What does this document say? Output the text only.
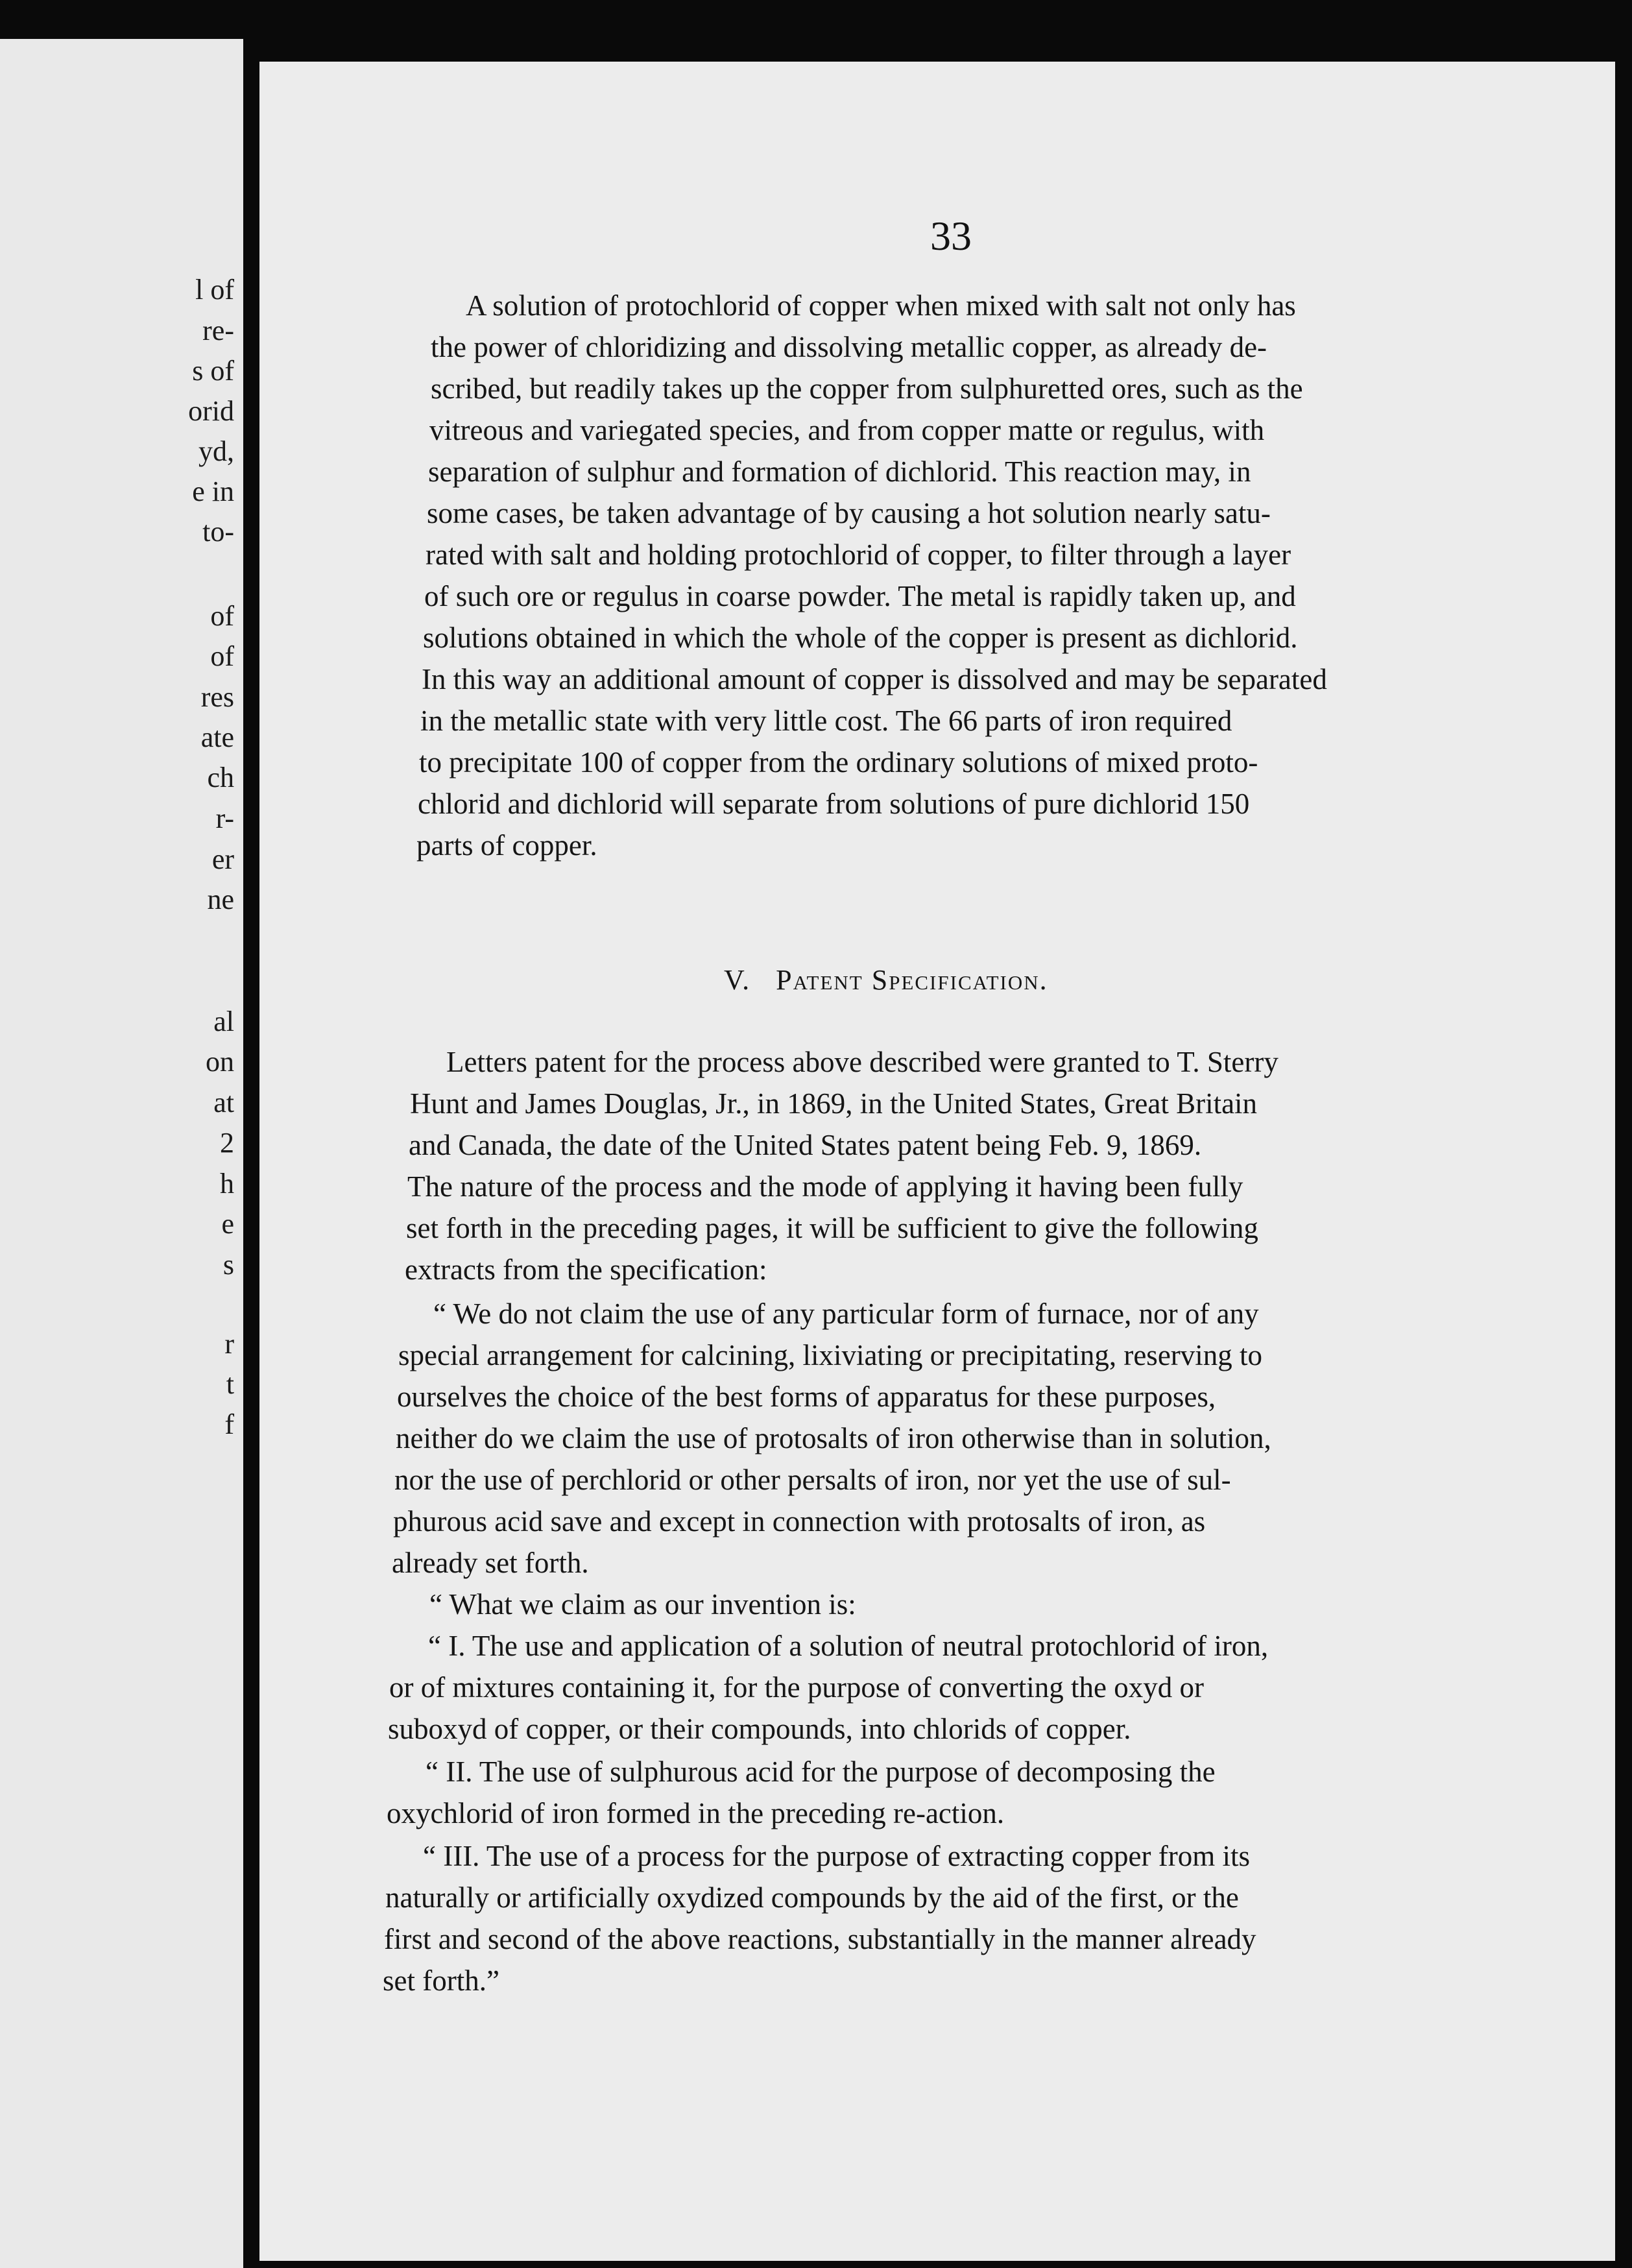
l of
re-
s of
orid
yd,
e in
to-
of
of
res
ate
ch
r-
er
ne
al
on
at
2
h
e
s
r
t
f
33
A solution of protochlorid of copper when mixed with salt not only has
the power of chloridizing and dissolving metallic copper, as already de-
scribed, but readily takes up the copper from sulphuretted ores, such as the
vitreous and variegated species, and from copper matte or regulus, with
separation of sulphur and formation of dichlorid. This reaction may, in
some cases, be taken advantage of by causing a hot solution nearly satu-
rated with salt and holding protochlorid of copper, to filter through a layer
of such ore or regulus in coarse powder. The metal is rapidly taken up, and
solutions obtained in which the whole of the copper is present as dichlorid.
In this way an additional amount of copper is dissolved and may be separated
in the metallic state with very little cost. The 66 parts of iron required
to precipitate 100 of copper from the ordinary solutions of mixed proto-
chlorid and dichlorid will separate from solutions of pure dichlorid 150
parts of copper.
V. Patent Specification.
Letters patent for the process above described were granted to T. Sterry
Hunt and James Douglas, Jr., in 1869, in the United States, Great Britain
and Canada, the date of the United States patent being Feb. 9, 1869.
The nature of the process and the mode of applying it having been fully
set forth in the preceding pages, it will be sufficient to give the following
extracts from the specification:
“ We do not claim the use of any particular form of furnace, nor of any
special arrangement for calcining, lixiviating or precipitating, reserving to
ourselves the choice of the best forms of apparatus for these purposes,
neither do we claim the use of protosalts of iron otherwise than in solution,
nor the use of perchlorid or other persalts of iron, nor yet the use of sul-
phurous acid save and except in connection with protosalts of iron, as
already set forth.
“ What we claim as our invention is:
“ I. The use and application of a solution of neutral protochlorid of iron,
or of mixtures containing it, for the purpose of converting the oxyd or
suboxyd of copper, or their compounds, into chlorids of copper.
“ II. The use of sulphurous acid for the purpose of decomposing the
oxychlorid of iron formed in the preceding re-action.
“ III. The use of a process for the purpose of extracting copper from its
naturally or artificially oxydized compounds by the aid of the first, or the
first and second of the above reactions, substantially in the manner already
set forth.”
